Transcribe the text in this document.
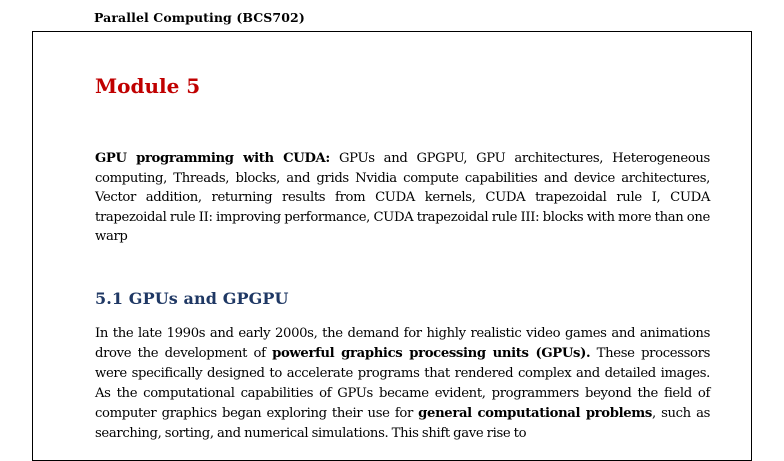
Parallel Computing (BCS702)
Module 5

GPU programming with CUDA: GPUs and GPGPU, GPU architectures, Heterogeneous computing, Threads, blocks, and grids Nvidia compute capabilities and device architectures, Vector addition, returning results from CUDA kernels, CUDA trapezoidal rule I, CUDA trapezoidal rule II: improving performance, CUDA trapezoidal rule III: blocks with more than one warp

5.1 GPUs and GPGPU

In the late 1990s and early 2000s, the demand for highly realistic video games and animations drove the development of powerful graphics processing units (GPUs). These processors were specifically designed to accelerate programs that rendered complex and detailed images. As the computational capabilities of GPUs became evident, programmers beyond the field of computer graphics began exploring their use for general computational problems, such as searching, sorting, and numerical simulations. This shift gave rise to
